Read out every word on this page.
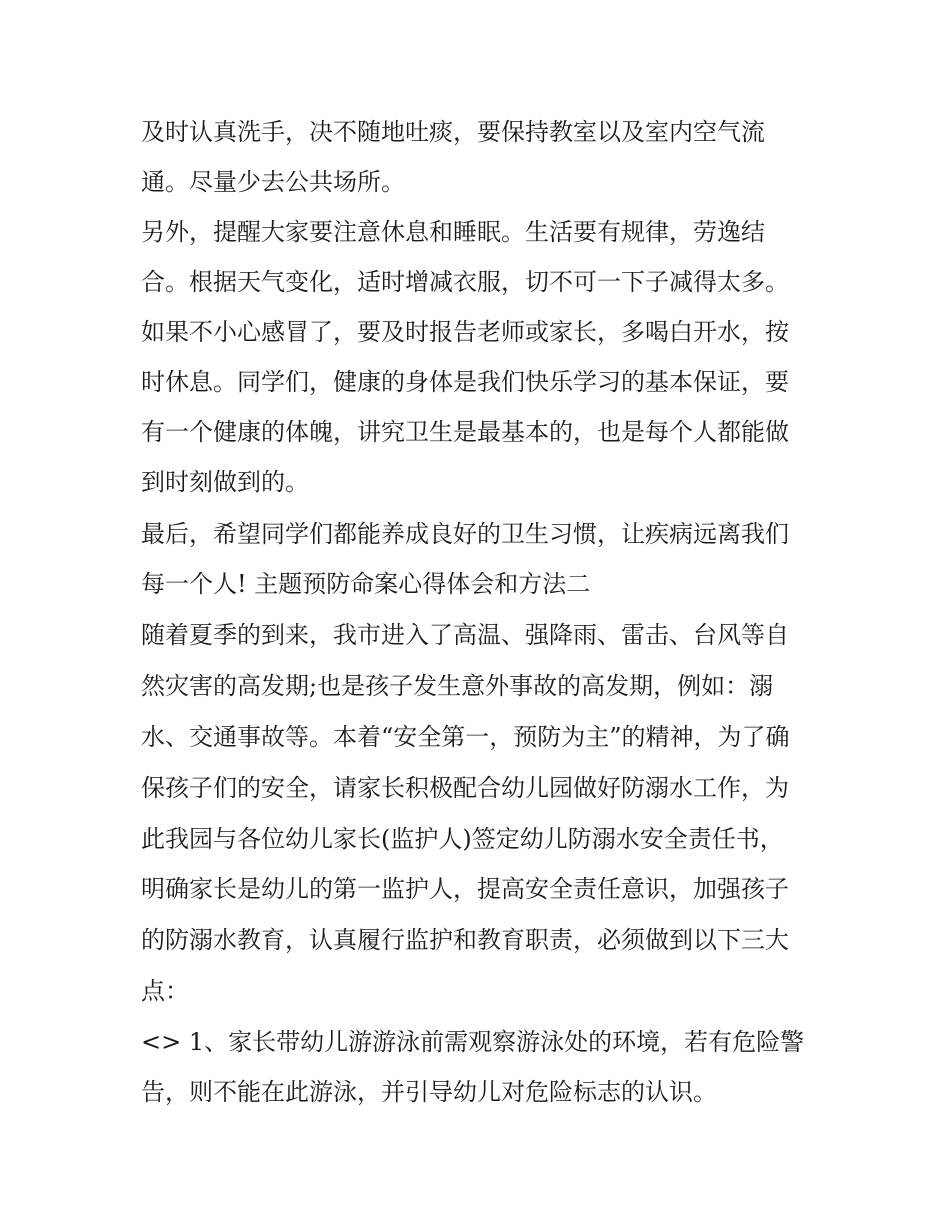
及时认真洗手，决不随地吐痰，要保持教室以及室内空气流
通。尽量少去公共场所。
另外，提醒大家要注意休息和睡眠。生活要有规律，劳逸结
合。根据天气变化，适时增减衣服，切不可一下子减得太多。
如果不小心感冒了，要及时报告老师或家长，多喝白开水，按
时休息。同学们，健康的身体是我们快乐学习的基本保证，要
有一个健康的体魄，讲究卫生是最基本的，也是每个人都能做
到时刻做到的。
最后，希望同学们都能养成良好的卫生习惯，让疾病远离我们
每一个人! 主题预防命案心得体会和方法二
随着夏季的到来，我市进入了高温、强降雨、雷击、台风等自
然灾害的高发期;也是孩子发生意外事故的高发期，例如：溺
水、交通事故等。本着“安全第一，预防为主”的精神，为了确
保孩子们的安全，请家长积极配合幼儿园做好防溺水工作，为
此我园与各位幼儿家长(监护人)签定幼儿防溺水安全责任书，
明确家长是幼儿的第一监护人，提高安全责任意识，加强孩子
的防溺水教育，认真履行监护和教育职责，必须做到以下三大
点：
<> 1、家长带幼儿游游泳前需观察游泳处的环境，若有危险警
告，则不能在此游泳，并引导幼儿对危险标志的认识。
